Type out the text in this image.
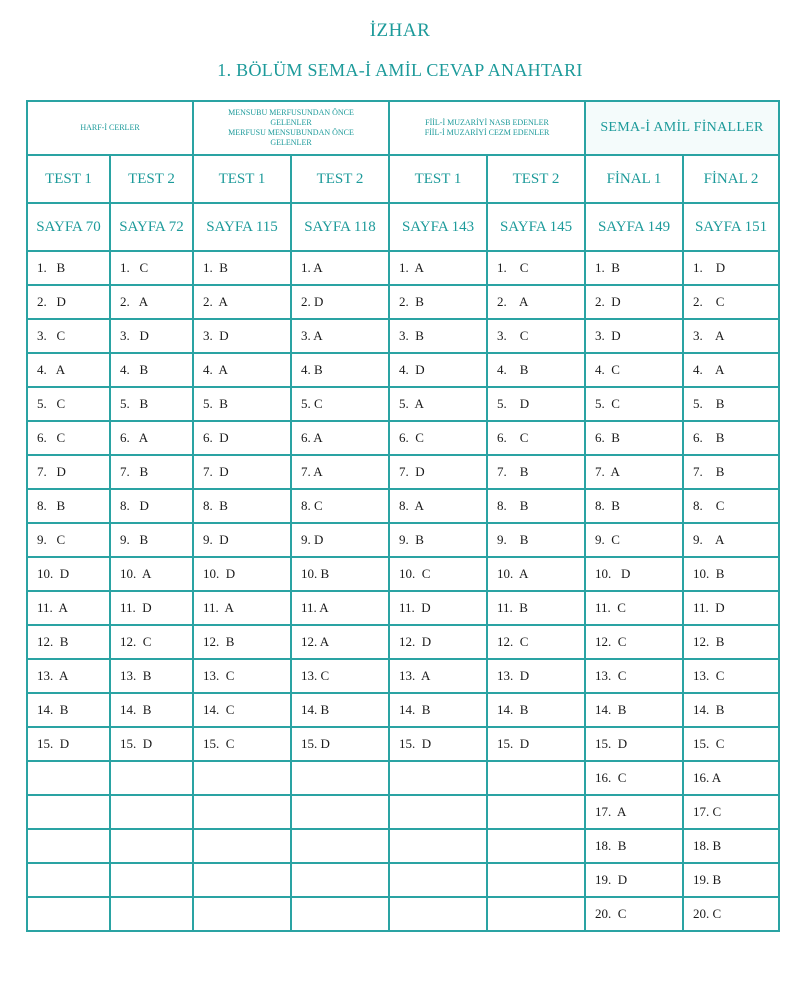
İZHAR
1. BÖLÜM SEMA-İ AMİL CEVAP ANAHTARI
HARF-İ CERLER		MENSUBU MERFUSUNDAN ÖNCE
GELENLER
MERFUSU MENSUBUNDAN ÖNCE
GELENLER		FİİL-İ MUZARİYİ NASB EDENLER
FİİL-İ MUZARİYİ CEZM EDENLER		SEMA-İ AMİL FİNALLER	

TEST 1	TEST 2	TEST 1	TEST 2	TEST 1	TEST 2	FİNAL 1	FİNAL 2
SAYFA 70	SAYFA 72	SAYFA 115	SAYFA 118	SAYFA 143	SAYFA 145	SAYFA 149	SAYFA 151
1.   B	1.   C	1.  B	1. A	1.  A	1.    C	1.  B	1.    D
2.   D	2.   A	2.  A	2. D	2.  B	2.    A	2.  D	2.    C
3.   C	3.   D	3.  D	3. A	3.  B	3.    C	3.  D	3.    A
4.   A	4.   B	4.  A	4. B	4.  D	4.    B	4.  C	4.    A
5.   C	5.   B	5.  B	5. C	5.  A	5.    D	5.  C	5.    B
6.   C	6.   A	6.  D	6. A	6.  C	6.    C	6.  B	6.    B
7.   D	7.   B	7.  D	7. A	7.  D	7.    B	7.  A	7.    B
8.   B	8.   D	8.  B	8. C	8.  A	8.    B	8.  B	8.    C
9.   C	9.   B	9.  D	9. D	9.  B	9.    B	9.  C	9.    A
10.  D	10.  A	10.  D	10. B	10.  C	10.  A	10.   D	10.  B
11.  A	11.  D	11.  A	11. A	11.  D	11.  B	11.  C	11.  D
12.  B	12.  C	12.  B	12. A	12.  D	12.  C	12.  C	12.  B
13.  A	13.  B	13.  C	13. C	13.  A	13.  D	13.  C	13.  C
14.  B	14.  B	14.  C	14. B	14.  B	14.  B	14.  B	14.  B
15.  D	15.  D	15.  C	15. D	15.  D	15.  D	15.  D	15.  C
						16.  C	16. A
						17.  A	17. C
						18.  B	18. B
						19.  D	19. B
						20.  C	20. C
